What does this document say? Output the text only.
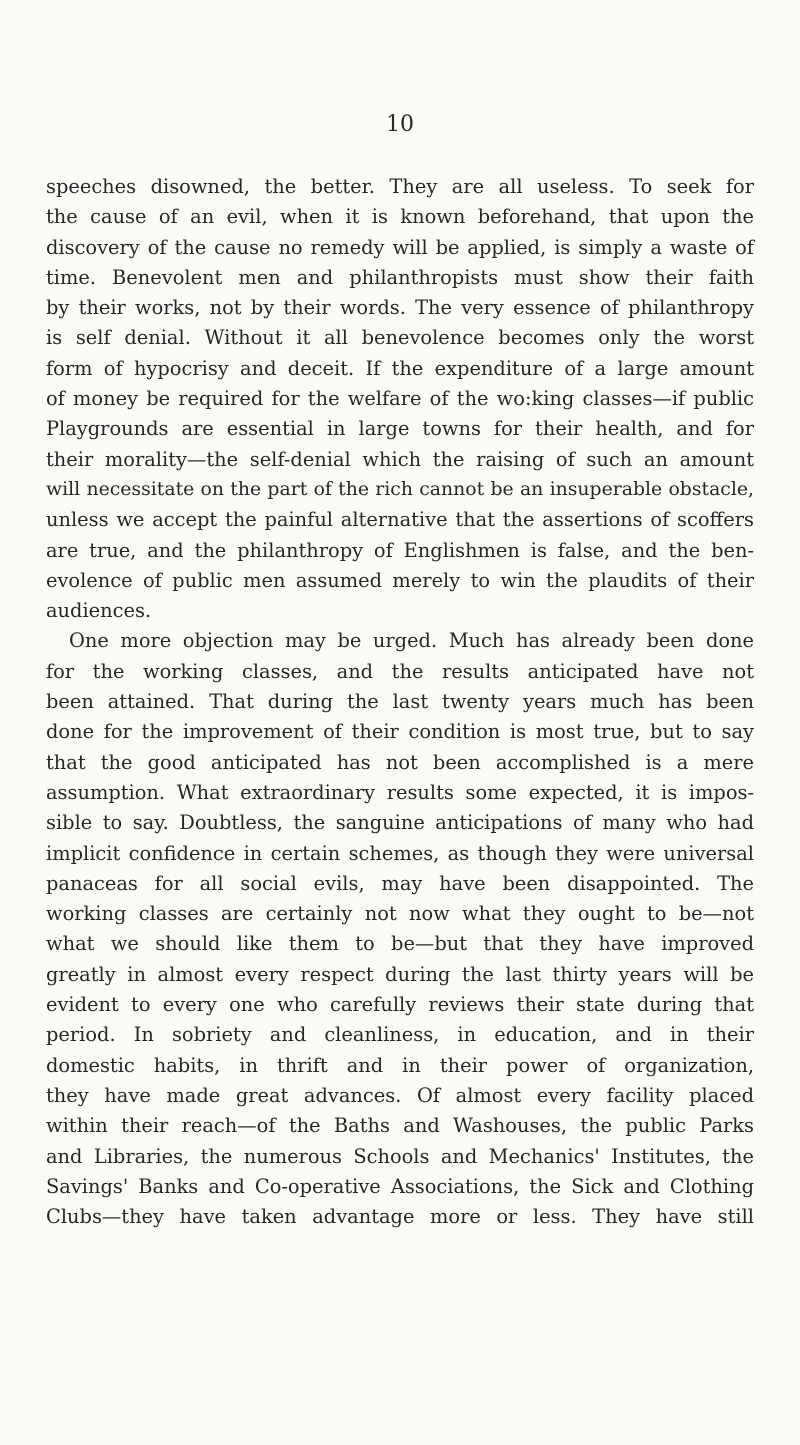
10
speeches disowned, the better. They are all useless. To seek for
the cause of an evil, when it is known beforehand, that upon the
discovery of the cause no remedy will be applied, is simply a waste of
time. Benevolent men and philanthropists must show their faith
by their works, not by their words. The very essence of philanthropy
is self denial. Without it all benevolence becomes only the worst
form of hypocrisy and deceit. If the expenditure of a large amount
of money be required for the welfare of the wo:king classes—if public
Playgrounds are essential in large towns for their health, and for
their morality—the self-denial which the raising of such an amount
will necessitate on the part of the rich cannot be an insuperable obstacle,
unless we accept the painful alternative that the assertions of scoffers
are true, and the philanthropy of Englishmen is false, and the ben-
evolence of public men assumed merely to win the plaudits of their
audiences.
One more objection may be urged. Much has already been done
for the working classes, and the results anticipated have not
been attained. That during the last twenty years much has been
done for the improvement of their condition is most true, but to say
that the good anticipated has not been accomplished is a mere
assumption. What extraordinary results some expected, it is impos-
sible to say. Doubtless, the sanguine anticipations of many who had
implicit confidence in certain schemes, as though they were universal
panaceas for all social evils, may have been disappointed. The
working classes are certainly not now what they ought to be—not
what we should like them to be—but that they have improved
greatly in almost every respect during the last thirty years will be
evident to every one who carefully reviews their state during that
period. In sobriety and cleanliness, in education, and in their
domestic habits, in thrift and in their power of organization,
they have made great advances. Of almost every facility placed
within their reach—of the Baths and Washouses, the public Parks
and Libraries, the numerous Schools and Mechanics' Institutes, the
Savings' Banks and Co-operative Associations, the Sick and Clothing
Clubs—they have taken advantage more or less. They have still
